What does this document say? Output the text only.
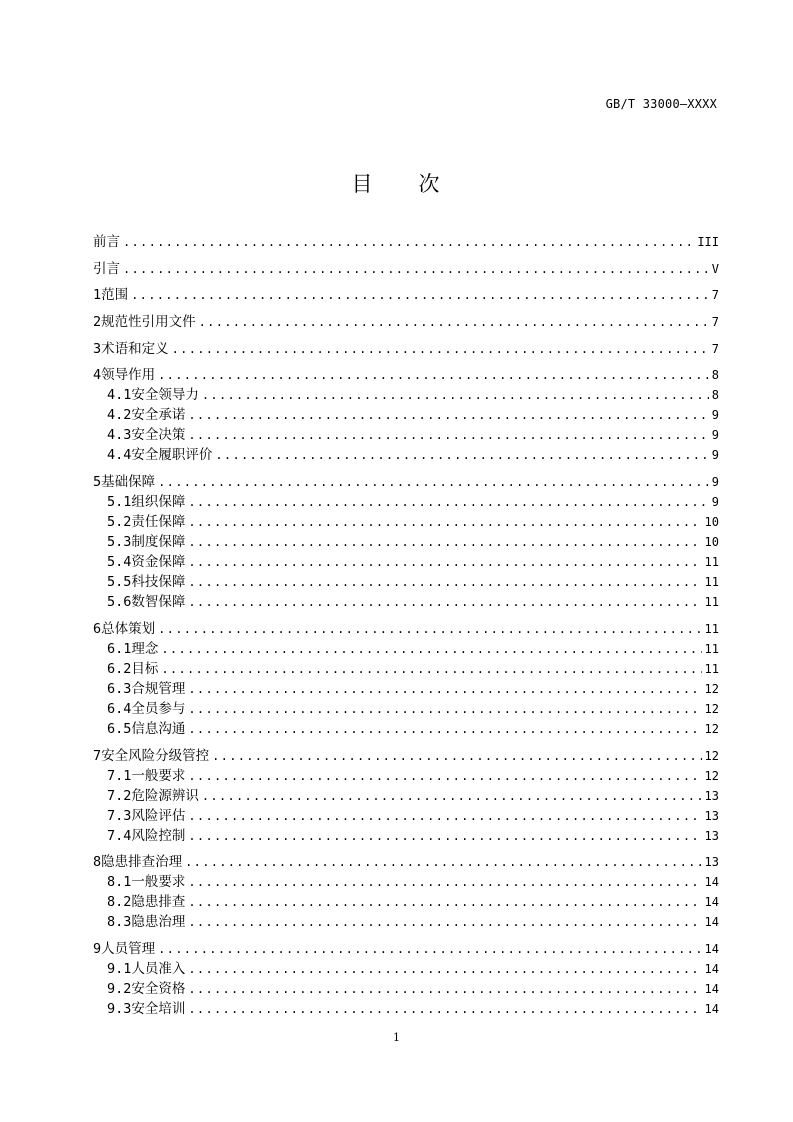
GB/T 33000—XXXX
目 次
前言 .....	III
引言 .....	V
1 范围 .....	7
2 规范性引用文件 .....	7
3 术语和定义 .....	7
4 领导作用 .....	8
4.1 安全领导力 .....	8
4.2 安全承诺 .....	9
4.3 安全决策 .....	9
4.4 安全履职评价 .....	9
5 基础保障 .....	9
5.1 组织保障 .....	9
5.2 责任保障 .....	10
5.3 制度保障 .....	10
5.4 资金保障 .....	11
5.5 科技保障 .....	11
5.6 数智保障 .....	11
6 总体策划 .....	11
6.1 理念 .....	11
6.2 目标 .....	11
6.3 合规管理 .....	12
6.4 全员参与 .....	12
6.5 信息沟通 .....	12
7 安全风险分级管控 .....	12
7.1 一般要求 .....	12
7.2 危险源辨识 .....	13
7.3 风险评估 .....	13
7.4 风险控制 .....	13
8 隐患排查治理 .....	13
8.1 一般要求 .....	14
8.2 隐患排查 .....	14
8.3 隐患治理 .....	14
9 人员管理 .....	14
9.1 人员准入 .....	14
9.2 安全资格 .....	14
9.3 安全培训 .....	14
1
